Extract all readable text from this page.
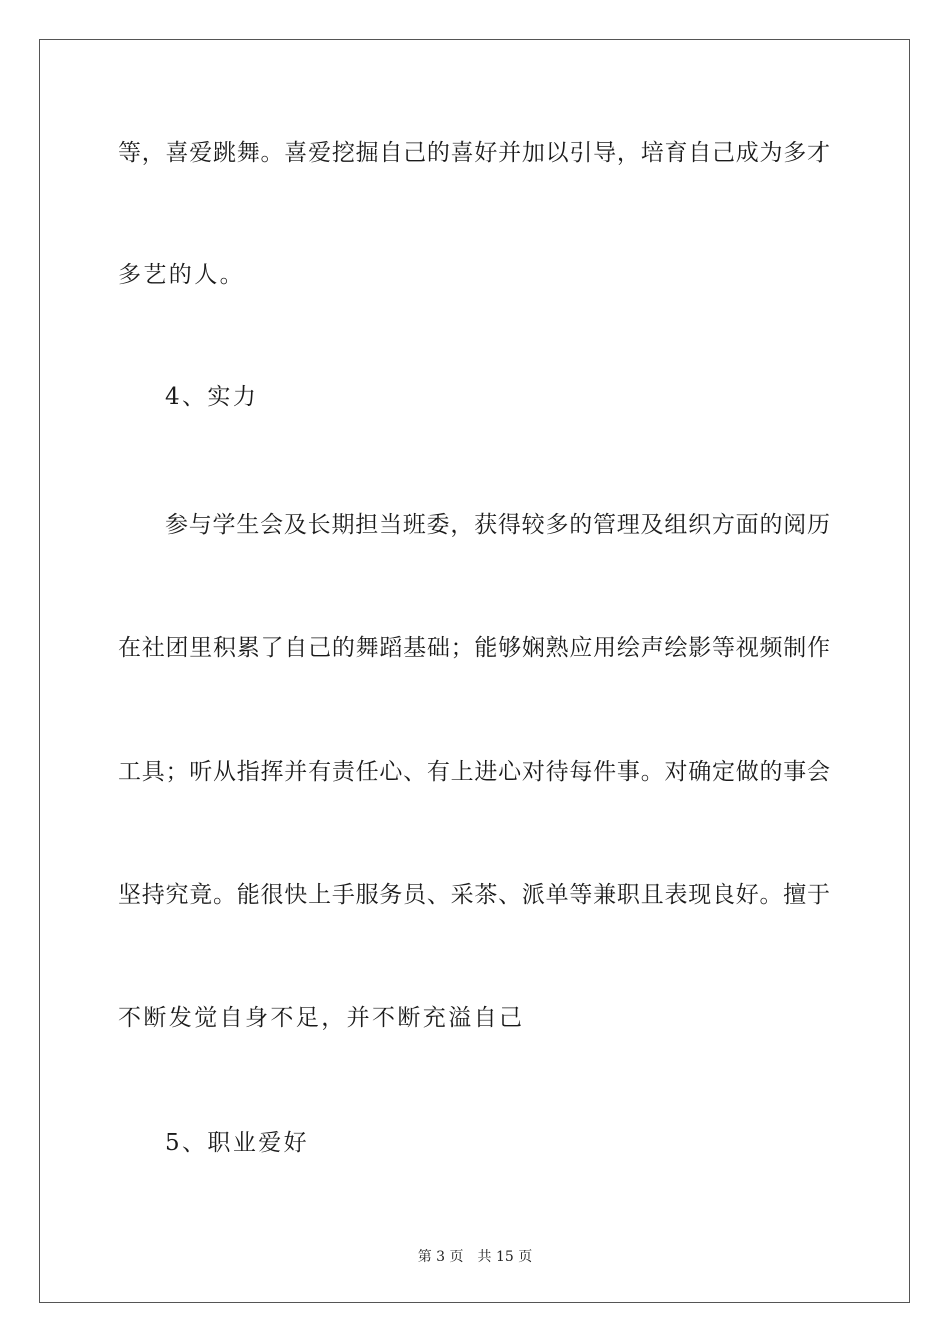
等，喜爱跳舞。喜爱挖掘自己的喜好并加以引导，培育自己成为多才
多艺的人。
4、实力
参与学生会及长期担当班委，获得较多的管理及组织方面的阅历
在社团里积累了自己的舞蹈基础；能够娴熟应用绘声绘影等视频制作
工具；听从指挥并有责任心、有上进心对待每件事。对确定做的事会
坚持究竟。能很快上手服务员、采茶、派单等兼职且表现良好。擅于
不断发觉自身不足，并不断充溢自己
5、职业爱好
第 3 页 共 15 页
